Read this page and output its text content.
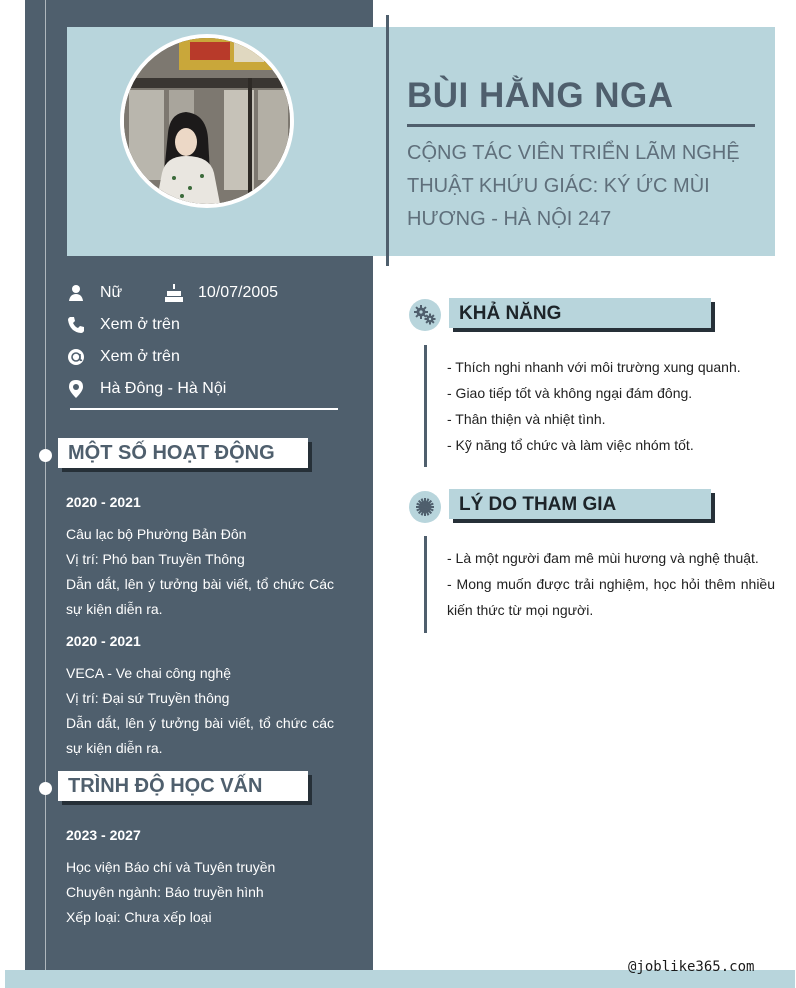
BÙI HẰNG NGA

CỘNG TÁC VIÊN TRIỂN LÃM NGHỆ THUẬT KHỨU GIÁC: KÝ ỨC MÙI HƯƠNG - HÀ NỘI 247

Nữ	10/07/2005
Xem ở trên
Xem ở trên
Hà Đông - Hà Nội
MỘT SỐ HOẠT ĐỘNG

2020 - 2021

Câu lạc bộ Phường Bản Đôn

Vị trí: Phó ban Truyền Thông

Dẫn dắt, lên ý tưởng bài viết, tổ chức Các sự kiện diễn ra.

2020 - 2021

VECA - Ve chai công nghệ

Vị trí: Đại sứ Truyền thông

Dẫn dắt, lên ý tưởng bài viết, tổ chức các sự kiện diễn ra.

TRÌNH ĐỘ HỌC VẤN

2023 - 2027

Học viện Báo chí và Tuyên truyền

Chuyên ngành: Báo truyền hình

Xếp loại: Chưa xếp loại

KHẢ NĂNG

- Thích nghi nhanh với môi trường xung quanh.

- Giao tiếp tốt và không ngại đám đông.

- Thân thiện và nhiệt tình.

- Kỹ năng tổ chức và làm việc nhóm tốt.

LÝ DO THAM GIA

- Là một người đam mê mùi hương và nghệ thuật.

- Mong muốn được trải nghiệm, học hỏi thêm nhiều kiến thức từ mọi người.

@joblike365.com
